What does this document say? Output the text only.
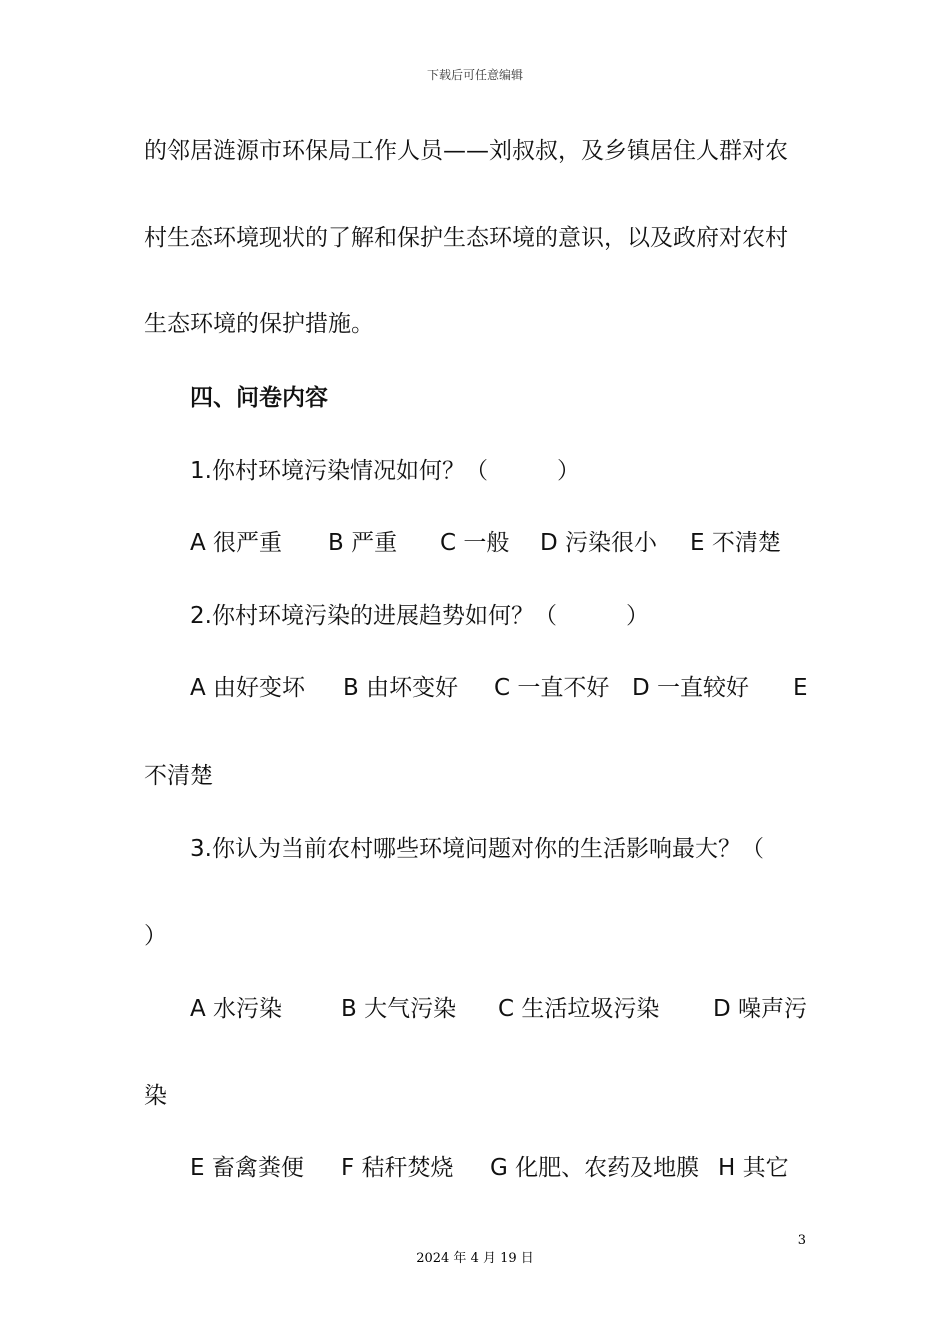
下载后可任意编辑
的邻居涟源市环保局工作人员——刘叔叔，及乡镇居住人群对农
村生态环境现状的了解和保护生态环境的意识，以及政府对农村
生态环境的保护措施。
四、问卷内容
1.你村环境污染情况如何？（　　　）
A 很严重 B 严重 C 一般 D 污染很小 E 不清楚
2.你村环境污染的进展趋势如何？（　　　）
A 由好变坏 B 由坏变好 C 一直不好 D 一直较好 E
不清楚
3.你认为当前农村哪些环境问题对你的生活影响最大？（
）
A 水污染	B 大气污染 C 生活垃圾污染 D 噪声污
染
E 畜禽粪便 F 秸秆焚烧 G 化肥、农药及地膜 H 其它
3
2024 年 4 月 19 日
